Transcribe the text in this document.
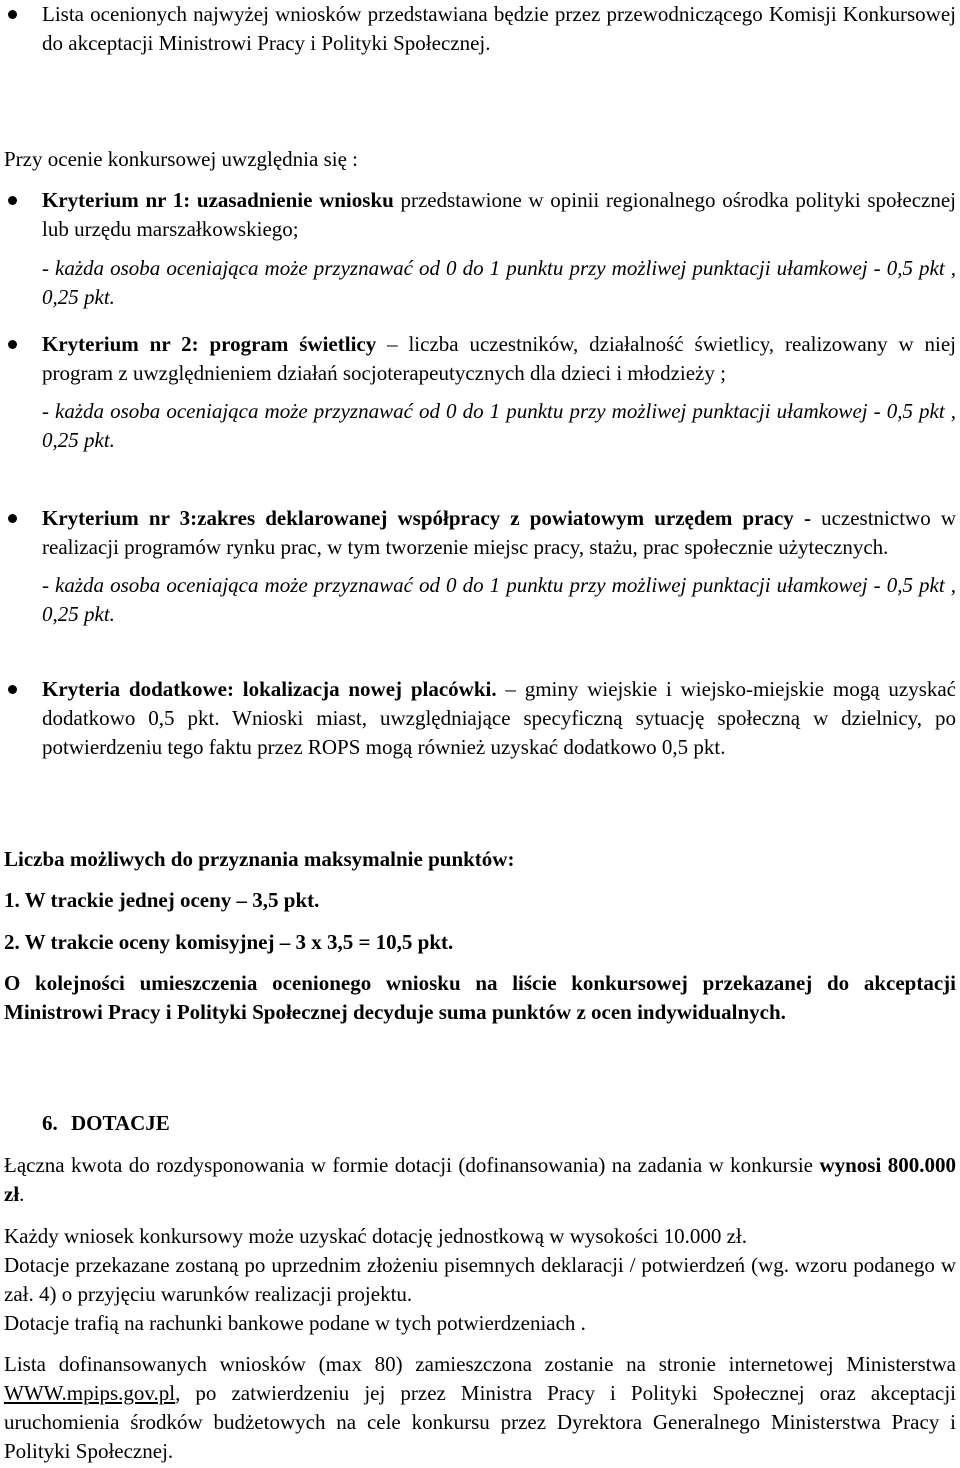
Lista ocenionych najwyżej wniosków przedstawiana będzie przez przewodniczącego Komisji Konkursowej do akceptacji Ministrowi Pracy i Polityki Społecznej.
Przy ocenie konkursowej uwzględnia się :
Kryterium nr 1: uzasadnienie wniosku przedstawione w opinii regionalnego ośrodka polityki społecznej lub urzędu marszałkowskiego;
- każda osoba oceniająca może przyznawać od 0 do 1 punktu przy możliwej punktacji ułamkowej - 0,5 pkt , 0,25 pkt.
Kryterium nr 2: program świetlicy – liczba uczestników, działalność świetlicy, realizowany w niej program z uwzględnieniem działań socjoterapeutycznych dla dzieci i młodzieży ;
- każda osoba oceniająca może przyznawać od 0 do 1 punktu przy możliwej punktacji ułamkowej - 0,5 pkt , 0,25 pkt.
Kryterium nr 3:zakres deklarowanej współpracy z powiatowym urzędem pracy - uczestnictwo w realizacji programów rynku prac, w tym tworzenie miejsc pracy, stażu, prac społecznie użytecznych.
- każda osoba oceniająca może przyznawać od 0 do 1 punktu przy możliwej punktacji ułamkowej - 0,5 pkt , 0,25 pkt.
Kryteria dodatkowe: lokalizacja nowej placówki. – gminy wiejskie i wiejsko-miejskie mogą uzyskać dodatkowo 0,5 pkt. Wnioski miast, uwzględniające specyficzną sytuację społeczną w dzielnicy, po potwierdzeniu tego faktu przez ROPS mogą również uzyskać dodatkowo 0,5 pkt.
Liczba możliwych do przyznania maksymalnie punktów:
1. W trackie jednej oceny – 3,5 pkt.
2. W trakcie oceny komisyjnej – 3 x 3,5 = 10,5 pkt.
O kolejności umieszczenia ocenionego wniosku na liście konkursowej przekazanej do akceptacji Ministrowi Pracy i Polityki Społecznej decyduje suma punktów z ocen indywidualnych.
6. DOTACJE
Łączna kwota do rozdysponowania w formie dotacji (dofinansowania) na zadania w konkursie wynosi 800.000 zł.
Każdy wniosek konkursowy może uzyskać dotację jednostkową w wysokości 10.000 zł.
Dotacje przekazane zostaną po uprzednim złożeniu pisemnych deklaracji / potwierdzeń (wg. wzoru podanego w zał. 4) o przyjęciu warunków realizacji projektu.
Dotacje trafią na rachunki bankowe podane w tych potwierdzeniach .
Lista dofinansowanych wniosków (max 80) zamieszczona zostanie na stronie internetowej Ministerstwa WWW.mpips.gov.pl, po zatwierdzeniu jej przez Ministra Pracy i Polityki Społecznej oraz akceptacji uruchomienia środków budżetowych na cele konkursu przez Dyrektora Generalnego Ministerstwa Pracy i Polityki Społecznej.
